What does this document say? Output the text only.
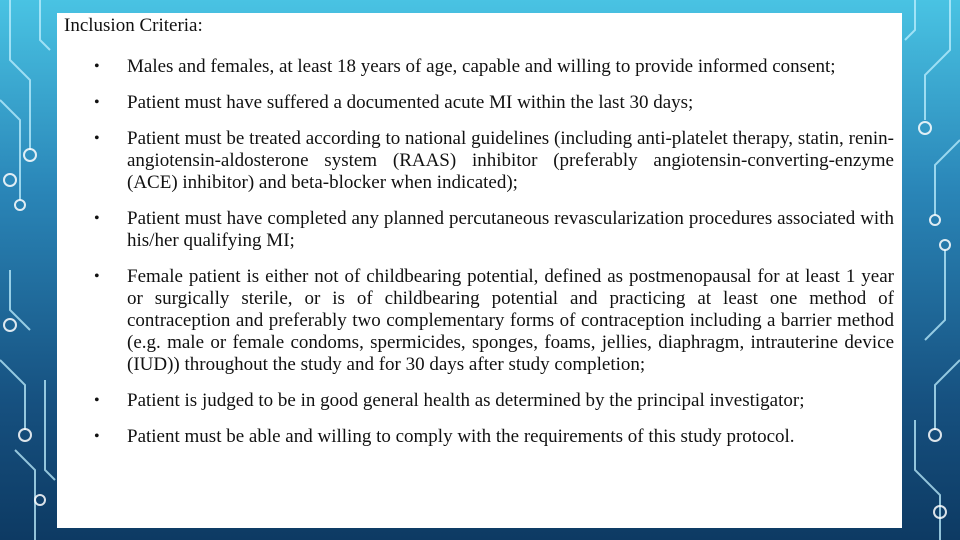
Inclusion Criteria:
• Males and females, at least 18 years of age, capable and willing to provide informed consent;

• Patient must have suffered a documented acute MI within the last 30 days;

• Patient must be treated according to national guidelines (including anti-platelet therapy, statin, renin-angiotensin-aldosterone system (RAAS) inhibitor (preferably angiotensin-converting-enzyme (ACE) inhibitor) and beta-blocker when indicated);

• Patient must have completed any planned percutaneous revascularization procedures associated with his/her qualifying MI;

• Female patient is either not of childbearing potential, defined as postmenopausal for at least 1 year or surgically sterile, or is of childbearing potential and practicing at least one method of contraception and preferably two complementary forms of contraception including a barrier method (e.g. male or female condoms, spermicides, sponges, foams, jellies, diaphragm, intrauterine device (IUD)) throughout the study and for 30 days after study completion;

• Patient is judged to be in good general health as determined by the principal investigator;

• Patient must be able and willing to comply with the requirements of this study protocol.
